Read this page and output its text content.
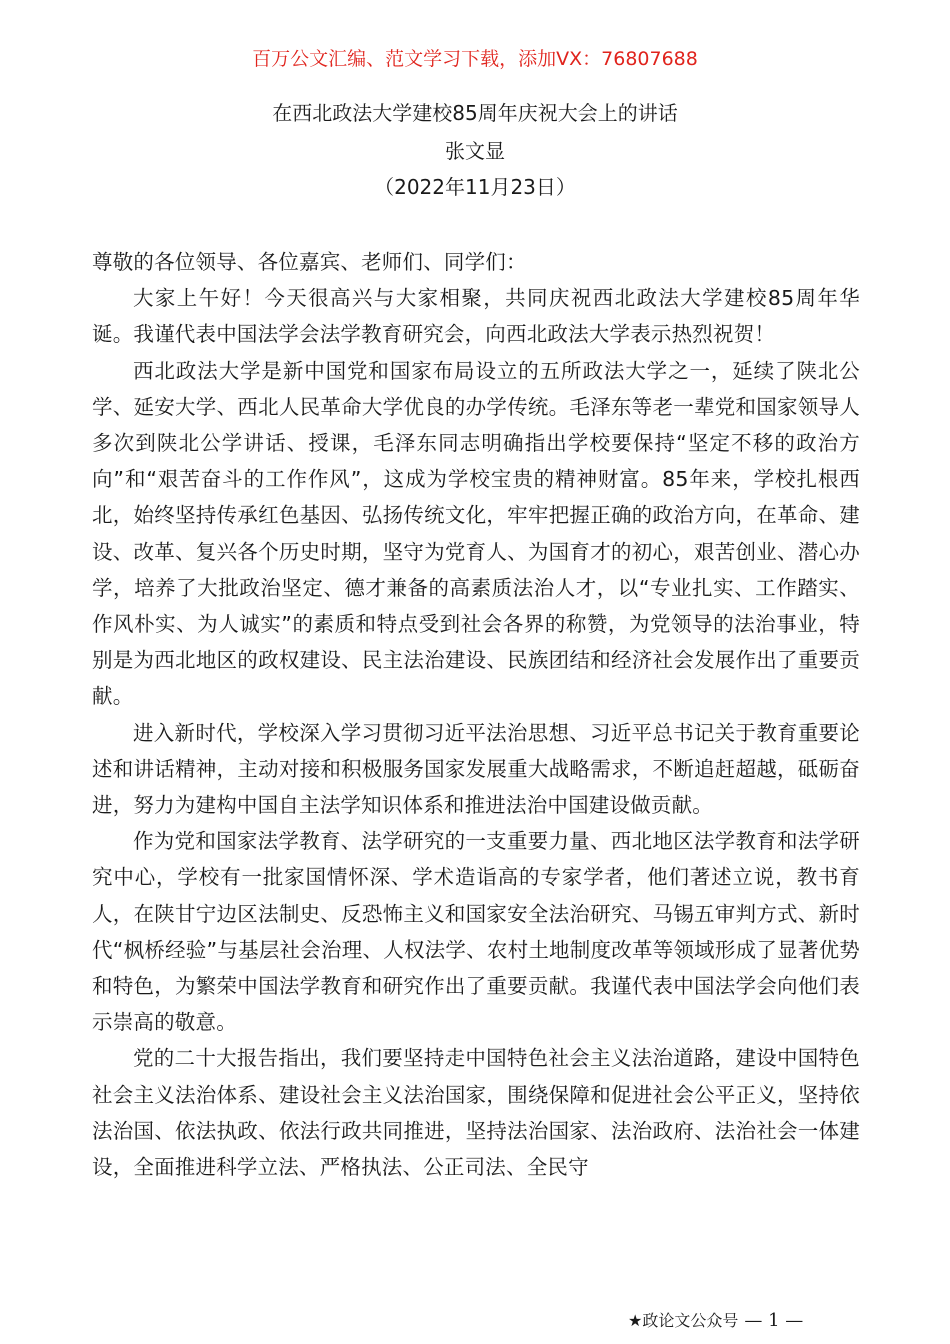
百万公文汇编、范文学习下载，添加VX：76807688
在西北政法大学建校85周年庆祝大会上的讲话
张文显
（2022年11月23日）

尊敬的各位领导、各位嘉宾、老师们、同学们：

大家上午好！今天很高兴与大家相聚，共同庆祝西北政法大学建校85周年华诞。我谨代表中国法学会法学教育研究会，向西北政法大学表示热烈祝贺！

西北政法大学是新中国党和国家布局设立的五所政法大学之一，延续了陕北公学、延安大学、西北人民革命大学优良的办学传统。毛泽东等老一辈党和国家领导人多次到陕北公学讲话、授课，毛泽东同志明确指出学校要保持“坚定不移的政治方向”和“艰苦奋斗的工作作风”，这成为学校宝贵的精神财富。85年来，学校扎根西北，始终坚持传承红色基因、弘扬传统文化，牢牢把握正确的政治方向，在革命、建设、改革、复兴各个历史时期，坚守为党育人、为国育才的初心，艰苦创业、潜心办学，培养了大批政治坚定、德才兼备的高素质法治人才，以“专业扎实、工作踏实、作风朴实、为人诚实”的素质和特点受到社会各界的称赞，为党领导的法治事业，特别是为西北地区的政权建设、民主法治建设、民族团结和经济社会发展作出了重要贡献。

进入新时代，学校深入学习贯彻习近平法治思想、习近平总书记关于教育重要论述和讲话精神，主动对接和积极服务国家发展重大战略需求，不断追赶超越，砥砺奋进，努力为建构中国自主法学知识体系和推进法治中国建设做贡献。

作为党和国家法学教育、法学研究的一支重要力量、西北地区法学教育和法学研究中心，学校有一批家国情怀深、学术造诣高的专家学者，他们著述立说，教书育人，在陕甘宁边区法制史、反恐怖主义和国家安全法治研究、马锡五审判方式、新时代“枫桥经验”与基层社会治理、人权法学、农村土地制度改革等领域形成了显著优势和特色，为繁荣中国法学教育和研究作出了重要贡献。我谨代表中国法学会向他们表示崇高的敬意。

党的二十大报告指出，我们要坚持走中国特色社会主义法治道路，建设中国特色社会主义法治体系、建设社会主义法治国家，围绕保障和促进社会公平正义，坚持依法治国、依法执政、依法行政共同推进，坚持法治国家、法治政府、法治社会一体建设，全面推进科学立法、严格执法、公正司法、全民守

★政论文公众号 — 1 —
